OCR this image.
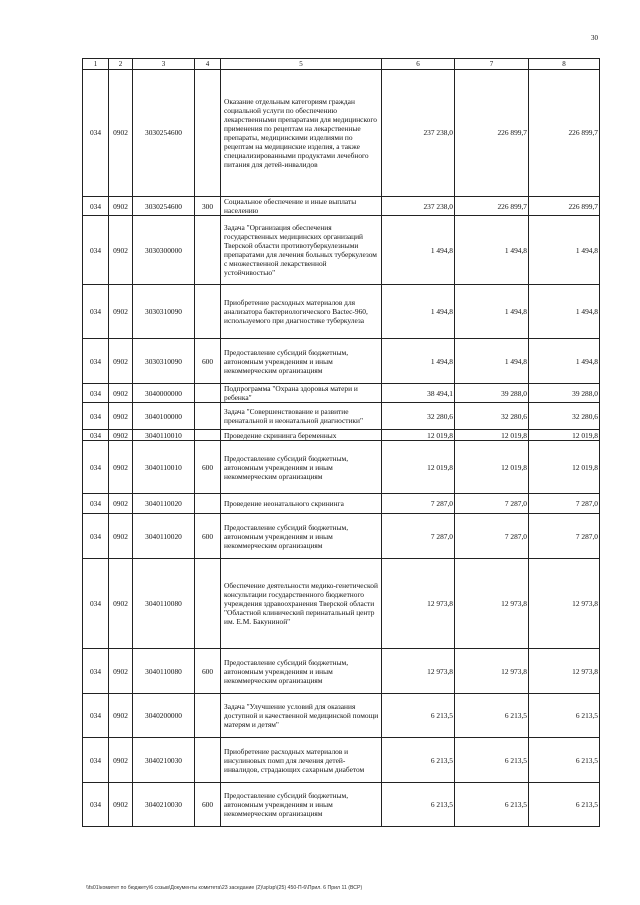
30
1	2	3	4	5	6	7	8
034	0902	3030254600		Оказание отдельным категориям граждан социальной услуги по обеспечению лекарственными препаратами для медицинского применения по рецептам на лекарственные препараты, медицинскими изделиями по рецептам на медицинские изделия, а также специализированными продуктами лечебного питания для детей-инвалидов	237 238,0	226 899,7	226 899,7
034	0902	3030254600	300	Социальное обеспечение и иные выплаты населению	237 238,0	226 899,7	226 899,7
034	0902	3030300000		Задача "Организация обеспечения государственных медицинских организаций Тверской области противотуберкулезными препаратами для лечения больных туберкулезом с множественной лекарственной устойчивостью"	1 494,8	1 494,8	1 494,8
034	0902	3030310090		Приобретение расходных материалов для анализатора бактериологического Bactec-960, используемого при диагностике туберкулеза	1 494,8	1 494,8	1 494,8
034	0902	3030310090	600	Предоставление субсидий бюджетным, автономным учреждениям и иным некоммерческим организациям	1 494,8	1 494,8	1 494,8
034	0902	3040000000		Подпрограмма "Охрана здоровья матери и ребенка"	38 494,1	39 288,0	39 288,0
034	0902	3040100000		Задача "Совершенствование и развитие пренатальной и неонатальной диагностики"	32 280,6	32 280,6	32 280,6
034	0902	3040110010		Проведение скрининга беременных	12 019,8	12 019,8	12 019,8
034	0902	3040110010	600	Предоставление субсидий бюджетным, автономным учреждениям и иным некоммерческим организациям	12 019,8	12 019,8	12 019,8
034	0902	3040110020		Проведение неонатального скрининга	7 287,0	7 287,0	7 287,0
034	0902	3040110020	600	Предоставление субсидий бюджетным, автономным учреждениям и иным некоммерческим организациям	7 287,0	7 287,0	7 287,0
034	0902	3040110080		Обеспечение деятельности медико-генетической консультации государственного бюджетного учреждения здравоохранения Тверской области "Областной клинический перинатальный центр им. Е.М. Бакуниной"	12 973,8	12 973,8	12 973,8
034	0902	3040110080	600	Предоставление субсидий бюджетным, автономным учреждениям и иным некоммерческим организациям	12 973,8	12 973,8	12 973,8
034	0902	3040200000		Задача "Улучшение условий для оказания доступной и качественной медицинской помощи матерям и детям"	6 213,5	6 213,5	6 213,5
034	0902	3040210030		Приобретение расходных материалов и инсулиновых помп для лечения детей-инвалидов, страдающих сахарным диабетом	6 213,5	6 213,5	6 213,5
034	0902	3040210030	600	Предоставление субсидий бюджетным, автономным учреждениям и иным некоммерческим организациям	6 213,5	6 213,5	6 213,5
\\fs01\комитет по бюджету\6 созыв\Документы комитета\23 заседание (2)\зр\зр\(25) 450-П-6\Прил. 6 Прил 11 (ВСР)
